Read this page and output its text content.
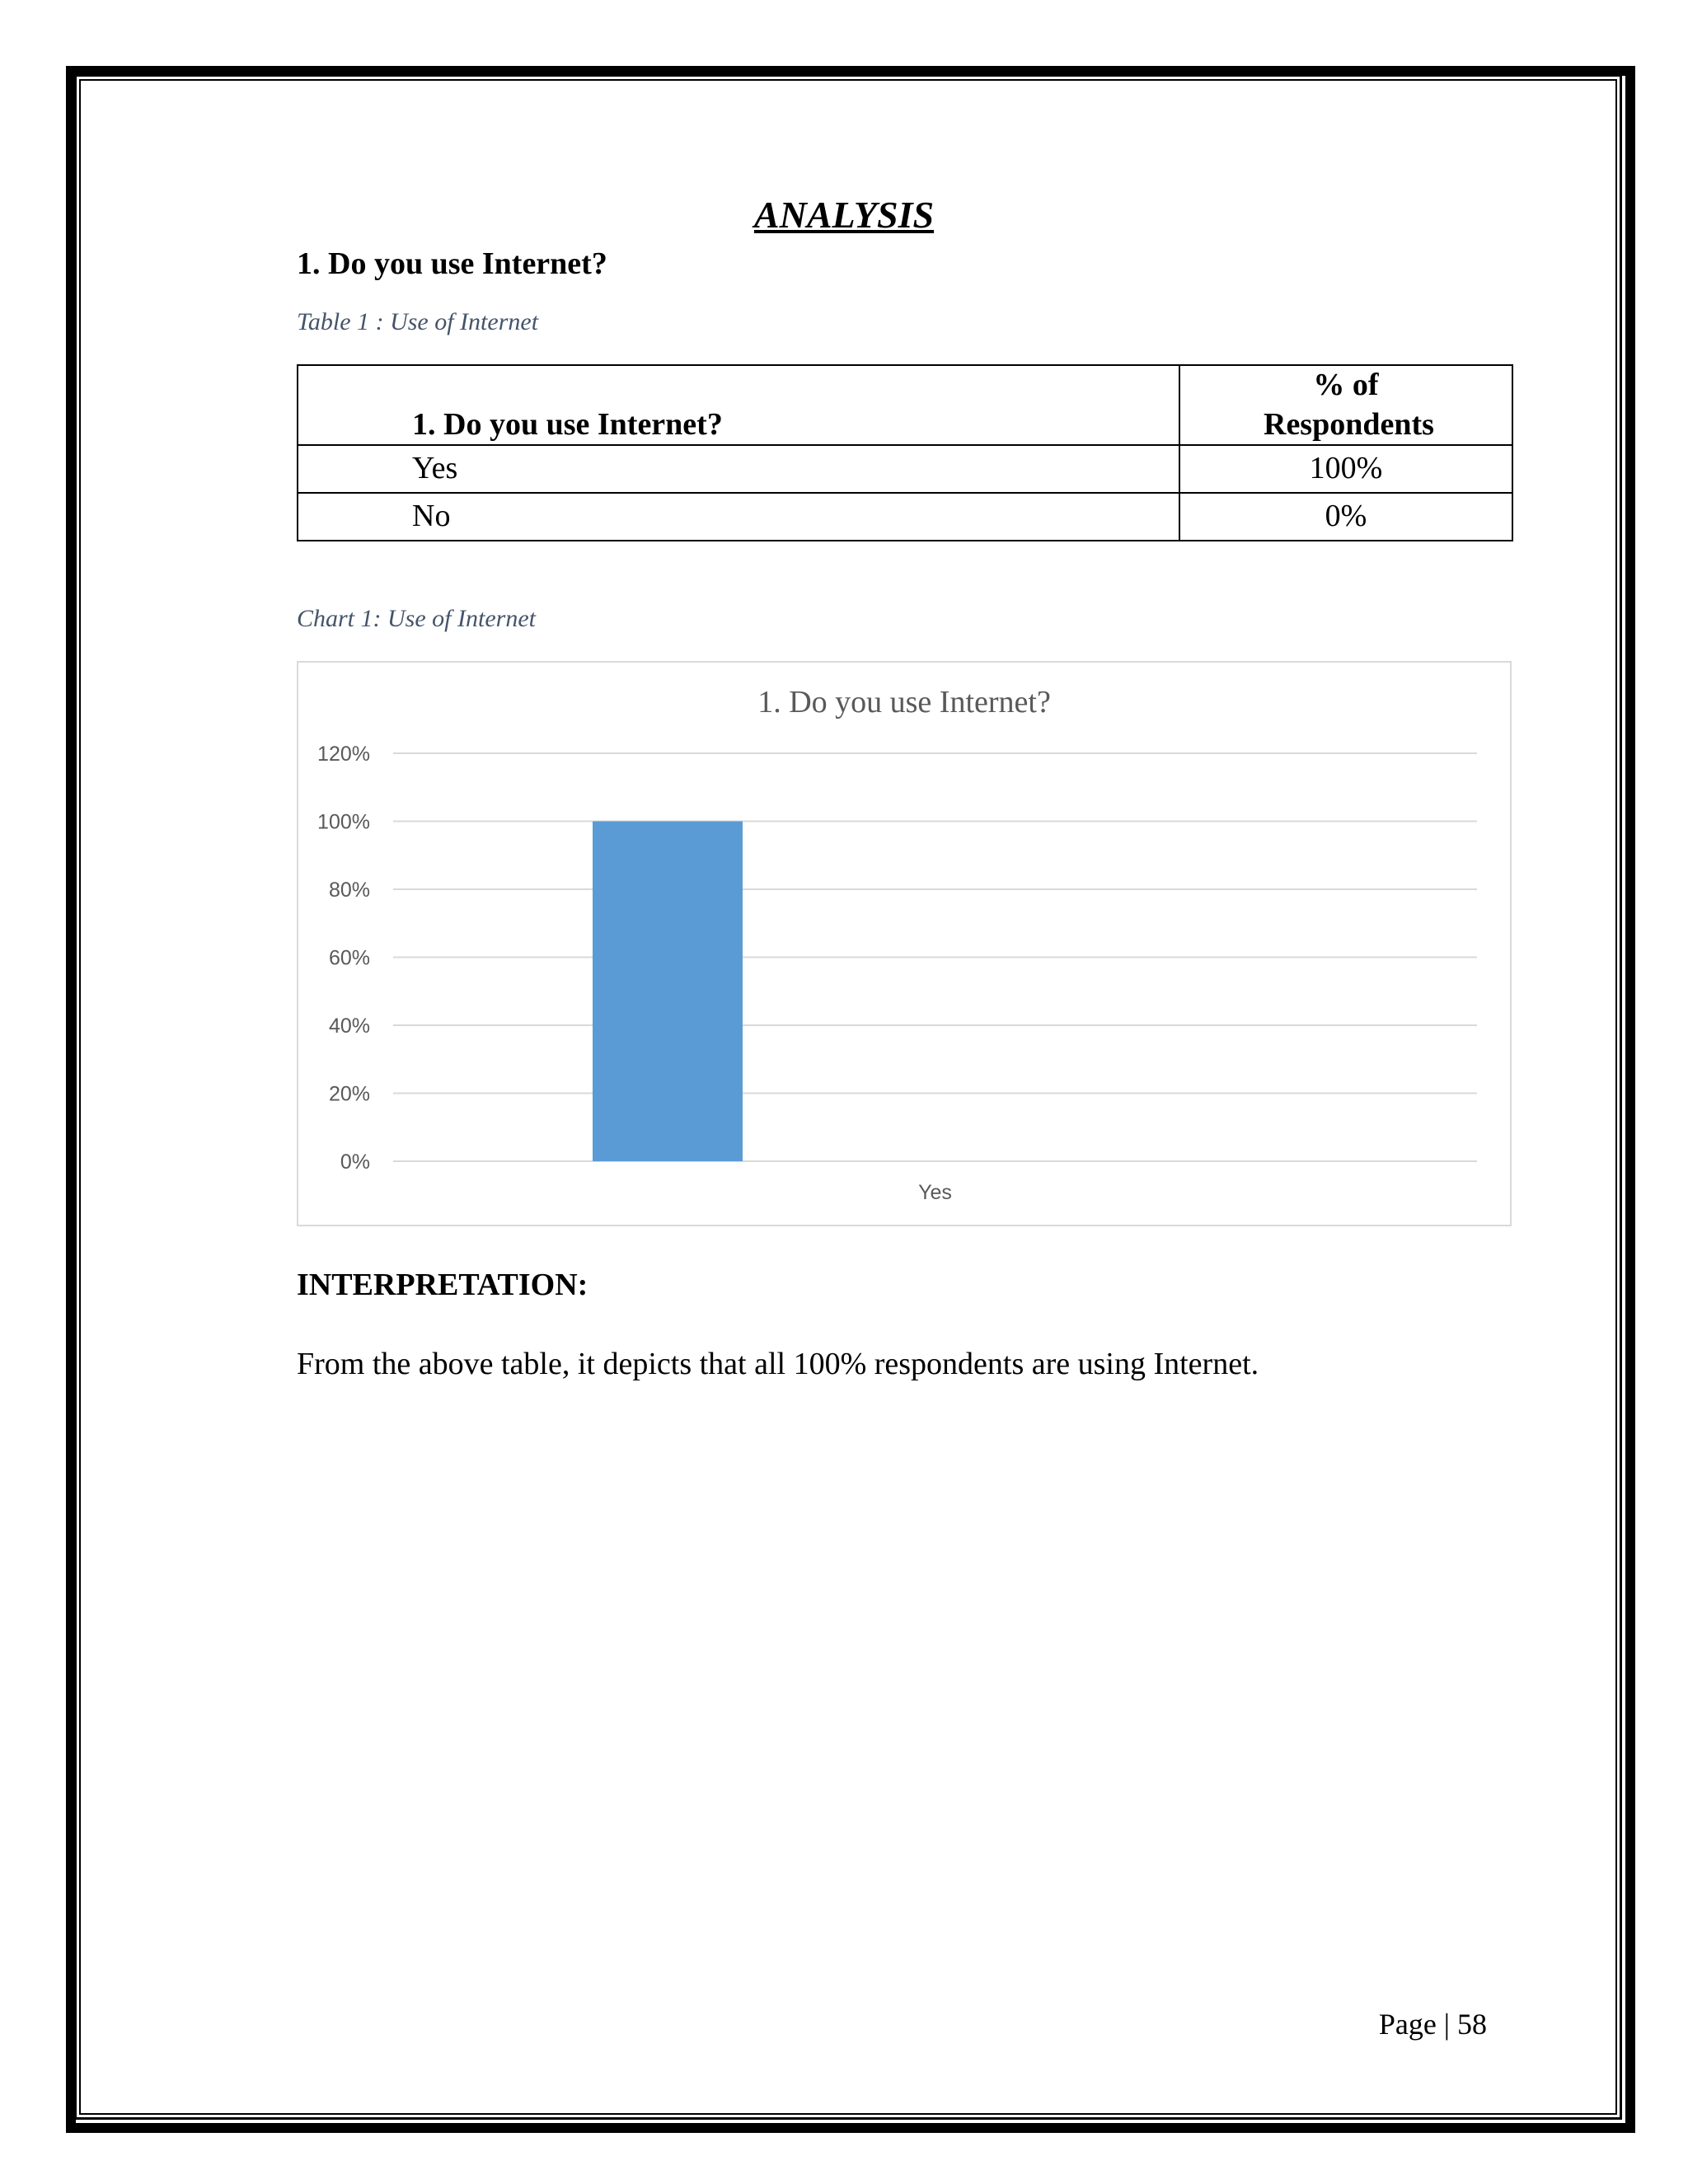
ANALYSIS
1. Do you use Internet?
Table 1 : Use of Internet
1. Do you use Internet?	% of Respondents
Yes	100%
No	0%
Chart 1: Use of Internet
1. Do you use Internet?
0%
20%
40%
60%
80%
100%
120%
Yes
INTERPRETATION:
From the above table, it depicts that all 100% respondents are using Internet.
Page | 58
